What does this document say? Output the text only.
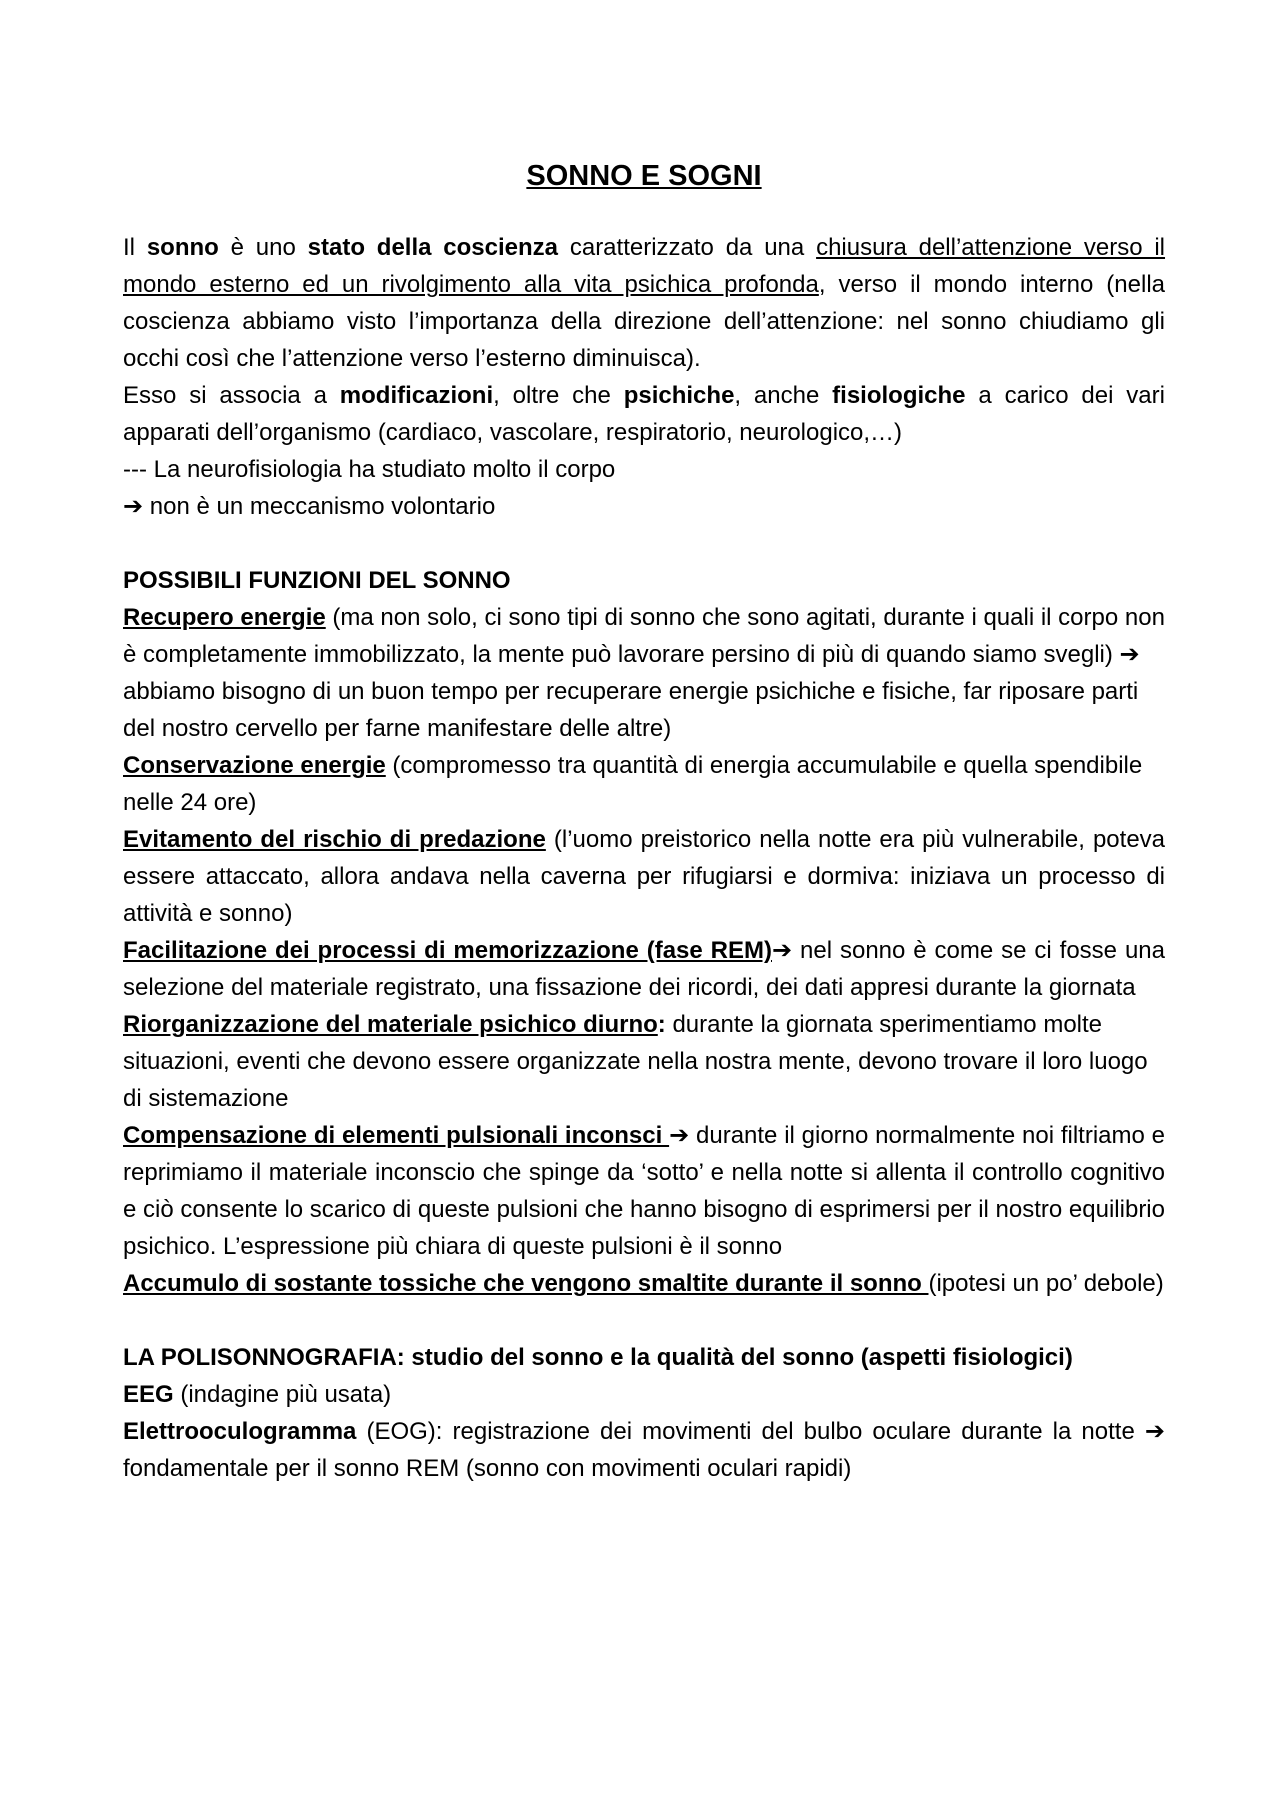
SONNO E SOGNI

Il sonno è uno stato della coscienza caratterizzato da una chiusura dell’attenzione verso il mondo esterno ed un rivolgimento alla vita psichica profonda, verso il mondo interno (nella coscienza abbiamo visto l’importanza della direzione dell’attenzione: nel sonno chiudiamo gli occhi così che l’attenzione verso l’esterno diminuisca).

Esso si associa a modificazioni, oltre che psichiche, anche fisiologiche a carico dei vari apparati dell’organismo (cardiaco, vascolare, respiratorio, neurologico,…)

--- La neurofisiologia ha studiato molto il corpo

➔ non è un meccanismo volontario

POSSIBILI FUNZIONI DEL SONNO

Recupero energie (ma non solo, ci sono tipi di sonno che sono agitati, durante i quali il corpo non è completamente immobilizzato, la mente può lavorare persino di più di quando siamo svegli) ➔ abbiamo bisogno di un buon tempo per recuperare energie psichiche e fisiche, far riposare parti del nostro cervello per farne manifestare delle altre)

Conservazione energie (compromesso tra quantità di energia accumulabile e quella spendibile nelle 24 ore)

Evitamento del rischio di predazione (l’uomo preistorico nella notte era più vulnerabile, poteva essere attaccato, allora andava nella caverna per rifugiarsi e dormiva: iniziava un processo di attività e sonno)

Facilitazione dei processi di memorizzazione (fase REM)➔ nel sonno è come se ci fosse una selezione del materiale registrato, una fissazione dei ricordi, dei dati appresi durante la giornata

Riorganizzazione del materiale psichico diurno: durante la giornata sperimentiamo molte situazioni, eventi che devono essere organizzate nella nostra mente, devono trovare il loro luogo di sistemazione

Compensazione di elementi pulsionali inconsci ➔ durante il giorno normalmente noi filtriamo e reprimiamo il materiale inconscio che spinge da ‘sotto’ e nella notte si allenta il controllo cognitivo e ciò consente lo scarico di queste pulsioni che hanno bisogno di esprimersi per il nostro equilibrio psichico. L’espressione più chiara di queste pulsioni è il sonno

Accumulo di sostante tossiche che vengono smaltite durante il sonno (ipotesi un po’ debole)

LA POLISONNOGRAFIA: studio del sonno e la qualità del sonno (aspetti fisiologici)

EEG (indagine più usata)

Elettrooculogramma (EOG): registrazione dei movimenti del bulbo oculare durante la notte ➔ fondamentale per il sonno REM (sonno con movimenti oculari rapidi)
